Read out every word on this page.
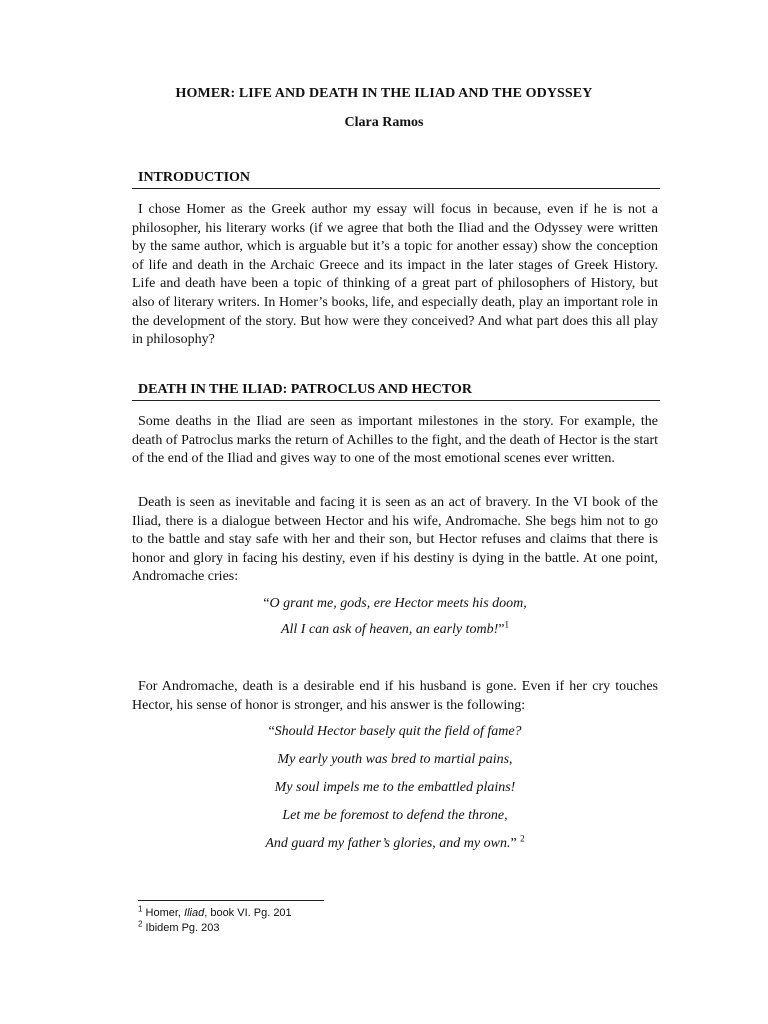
HOMER: LIFE AND DEATH IN THE ILIAD AND THE ODYSSEY
Clara Ramos
INTRODUCTION

I chose Homer as the Greek author my essay will focus in because, even if he is not a philosopher, his literary works (if we agree that both the Iliad and the Odyssey were written by the same author, which is arguable but it’s a topic for another essay) show the conception of life and death in the Archaic Greece and its impact in the later stages of Greek History. Life and death have been a topic of thinking of a great part of philosophers of History, but also of literary writers. In Homer’s books, life, and especially death, play an important role in the development of the story. But how were they conceived? And what part does this all play in philosophy?

DEATH IN THE ILIAD: PATROCLUS AND HECTOR

Some deaths in the Iliad are seen as important milestones in the story. For example, the death of Patroclus marks the return of Achilles to the fight, and the death of Hector is the start of the end of the Iliad and gives way to one of the most emotional scenes ever written.

Death is seen as inevitable and facing it is seen as an act of bravery. In the VI book of the Iliad, there is a dialogue between Hector and his wife, Andromache. She begs him not to go to the battle and stay safe with her and their son, but Hector refuses and claims that there is honor and glory in facing his destiny, even if his destiny is dying in the battle. At one point, Andromache cries:

“O grant me, gods, ere Hector meets his doom,

All I can ask of heaven, an early tomb!”$^1$

For Andromache, death is a desirable end if his husband is gone. Even if her cry touches Hector, his sense of honor is stronger, and his answer is the following:

“Should Hector basely quit the field of fame?

My early youth was bred to martial pains,

My soul impels me to the embattled plains!

Let me be foremost to defend the throne,

And guard my father’s glories, and my own.” $^2$

$^1$ Homer, Iliad, book VI. Pg. 201
$^2$ Ibidem Pg. 203
